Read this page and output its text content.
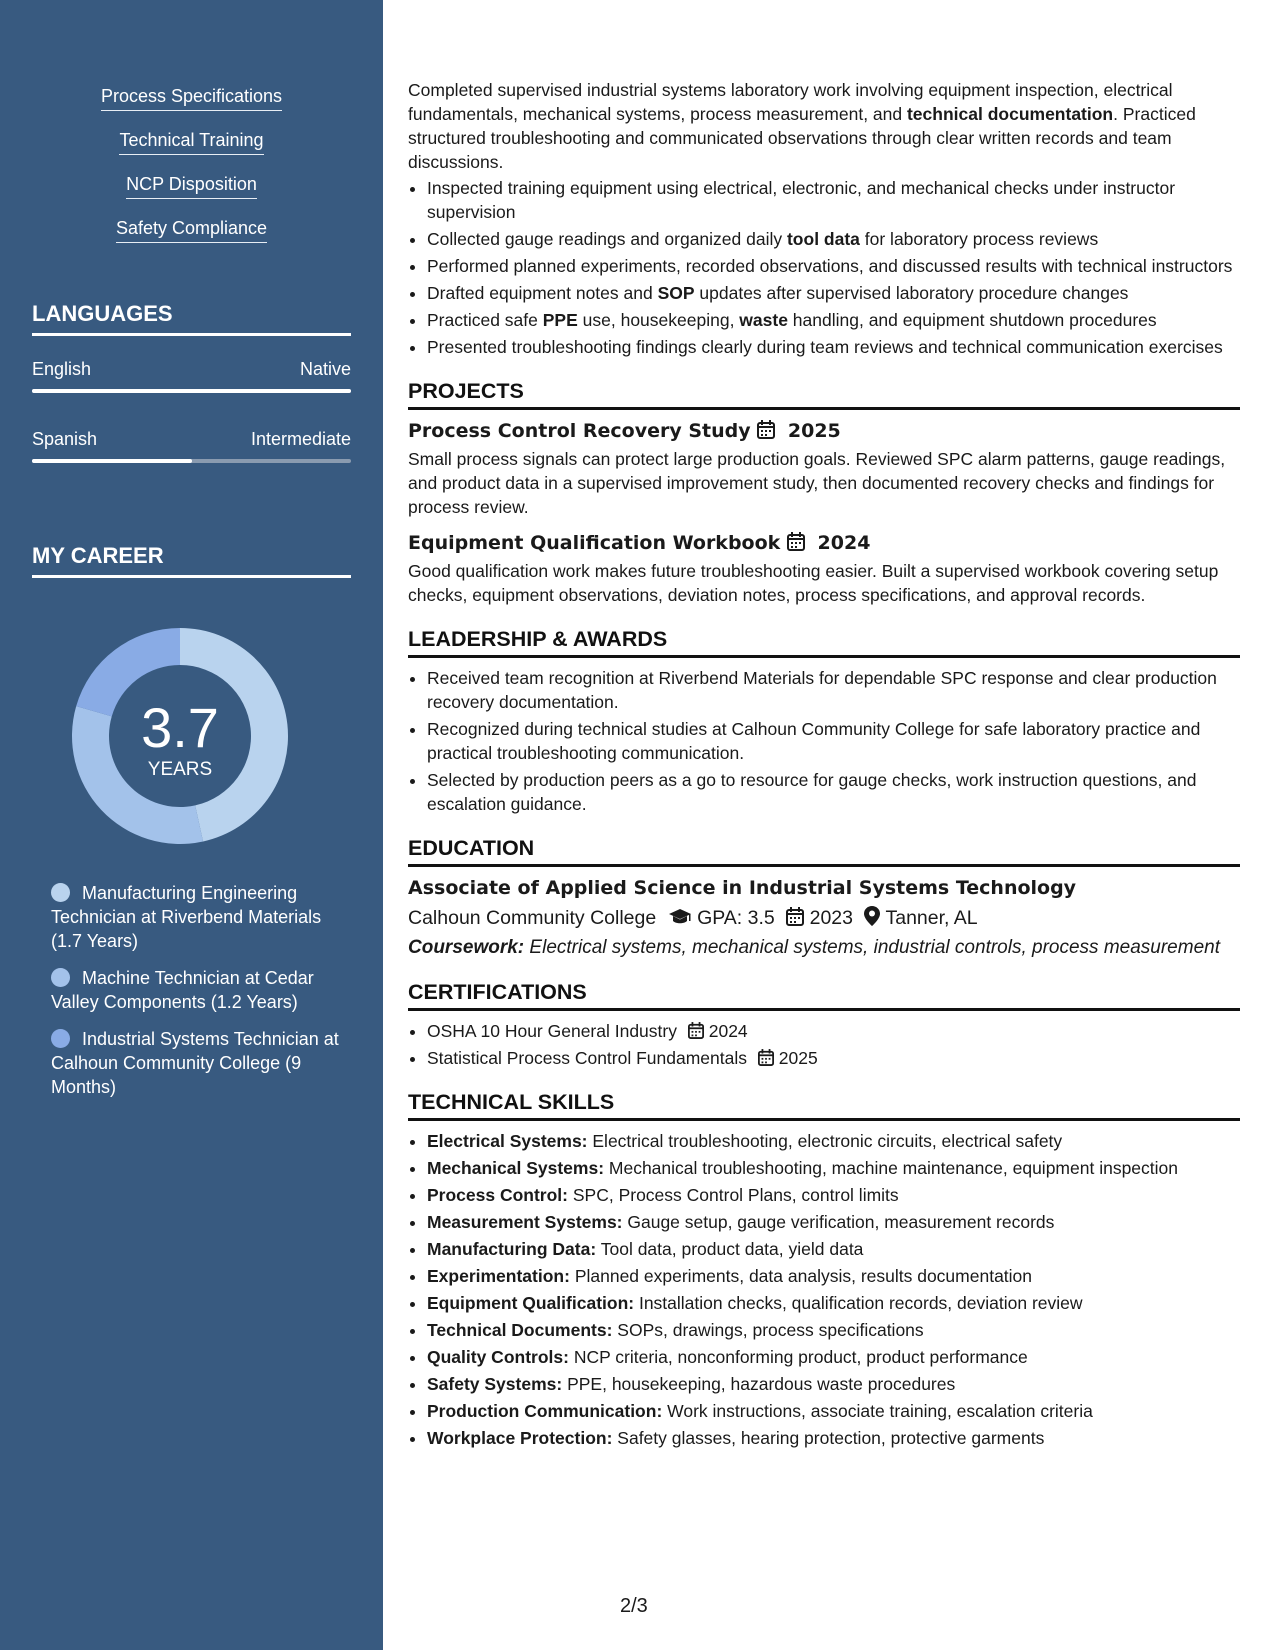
Process Specifications
Technical Training
NCP Disposition
Safety Compliance
LANGUAGES
English	Native
Spanish	Intermediate
MY CAREER
3.7
YEARS
Manufacturing Engineering Technician at Riverbend Materials (1.7 Years)
Machine Technician at Cedar Valley Components (1.2 Years)
Industrial Systems Technician at Calhoun Community College (9 Months)

Completed supervised industrial systems laboratory work involving equipment inspection, electrical fundamentals, mechanical systems, process measurement, and technical documentation. Practiced structured troubleshooting and communicated observations through clear written records and team discussions.

• Inspected training equipment using electrical, electronic, and mechanical checks under instructor supervision
• Collected gauge readings and organized daily tool data for laboratory process reviews
• Performed planned experiments, recorded observations, and discussed results with technical instructors
• Drafted equipment notes and SOP updates after supervised laboratory procedure changes
• Practiced safe PPE use, housekeeping, waste handling, and equipment shutdown procedures
• Presented troubleshooting findings clearly during team reviews and technical communication exercises
PROJECTS
Process Control Recovery Study 2025
Small process signals can protect large production goals. Reviewed SPC alarm patterns, gauge readings, and product data in a supervised improvement study, then documented recovery checks and findings for process review.
Equipment Qualification Workbook 2024
Good qualification work makes future troubleshooting easier. Built a supervised workbook covering setup checks, equipment observations, deviation notes, process specifications, and approval records.
LEADERSHIP & AWARDS
• Received team recognition at Riverbend Materials for dependable SPC response and clear production recovery documentation.
• Recognized during technical studies at Calhoun Community College for safe laboratory practice and practical troubleshooting communication.
• Selected by production peers as a go to resource for gauge checks, work instruction questions, and escalation guidance.
EDUCATION
Associate of Applied Science in Industrial Systems Technology
Calhoun Community College GPA: 3.5 2023 Tanner, AL
Coursework: Electrical systems, mechanical systems, industrial controls, process measurement
CERTIFICATIONS
• OSHA 10 Hour General Industry 2024
• Statistical Process Control Fundamentals 2025
TECHNICAL SKILLS
• Electrical Systems: Electrical troubleshooting, electronic circuits, electrical safety
• Mechanical Systems: Mechanical troubleshooting, machine maintenance, equipment inspection
• Process Control: SPC, Process Control Plans, control limits
• Measurement Systems: Gauge setup, gauge verification, measurement records
• Manufacturing Data: Tool data, product data, yield data
• Experimentation: Planned experiments, data analysis, results documentation
• Equipment Qualification: Installation checks, qualification records, deviation review
• Technical Documents: SOPs, drawings, process specifications
• Quality Controls: NCP criteria, nonconforming product, product performance
• Safety Systems: PPE, housekeeping, hazardous waste procedures
• Production Communication: Work instructions, associate training, escalation criteria
• Workplace Protection: Safety glasses, hearing protection, protective garments
2/3
